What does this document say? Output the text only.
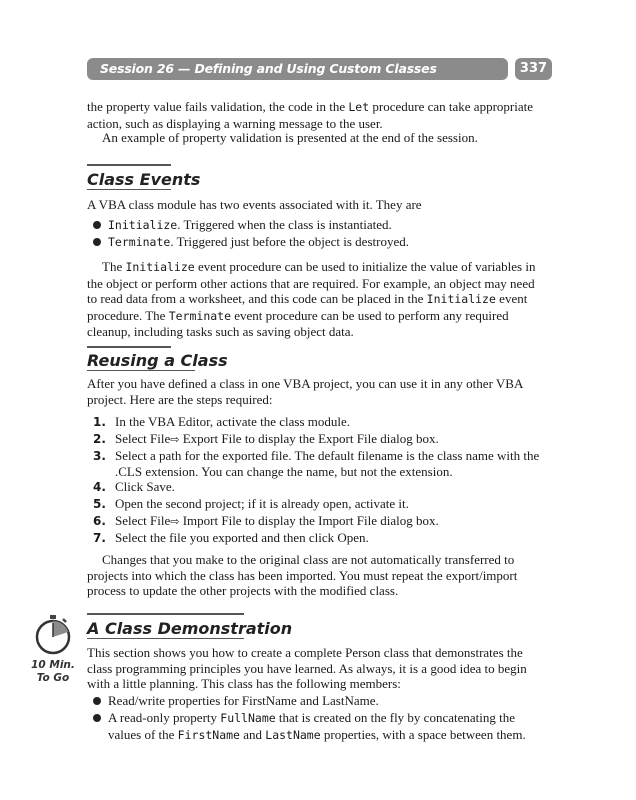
Session 26 — Defining and Using Custom Classes	337

the property value fails validation, the code in the Let procedure can take appropriate action, such as displaying a warning message to the user.

An example of property validation is presented at the end of the session.

Class Events

A VBA class module has two events associated with it. They are

Initialize. Triggered when the class is instantiated.

Terminate. Triggered just before the object is destroyed.

The Initialize event procedure can be used to initialize the value of variables in the object or perform other actions that are required. For example, an object may need to read data from a worksheet, and this code can be placed in the Initialize event procedure. The Terminate event procedure can be used to perform any required cleanup, including tasks such as saving object data.

Reusing a Class

After you have defined a class in one VBA project, you can use it in any other VBA project. Here are the steps required:

1. In the VBA Editor, activate the class module.

2. Select File⇨ Export File to display the Export File dialog box.

3. Select a path for the exported file. The default filename is the class name with the .CLS extension. You can change the name, but not the extension.

4. Click Save.

5. Open the second project; if it is already open, activate it.

6. Select File⇨ Import File to display the Import File dialog box.

7. Select the file you exported and then click Open.

Changes that you make to the original class are not automatically transferred to projects into which the class has been imported. You must repeat the export/import process to update the other projects with the modified class.

A Class Demonstration
10 Min.
To Go

This section shows you how to create a complete Person class that demonstrates the class programming principles you have learned. As always, it is a good idea to begin with a little planning. This class has the following members:

Read/write properties for FirstName and LastName.

A read-only property FullName that is created on the fly by concatenating the values of the FirstName and LastName properties, with a space between them.
